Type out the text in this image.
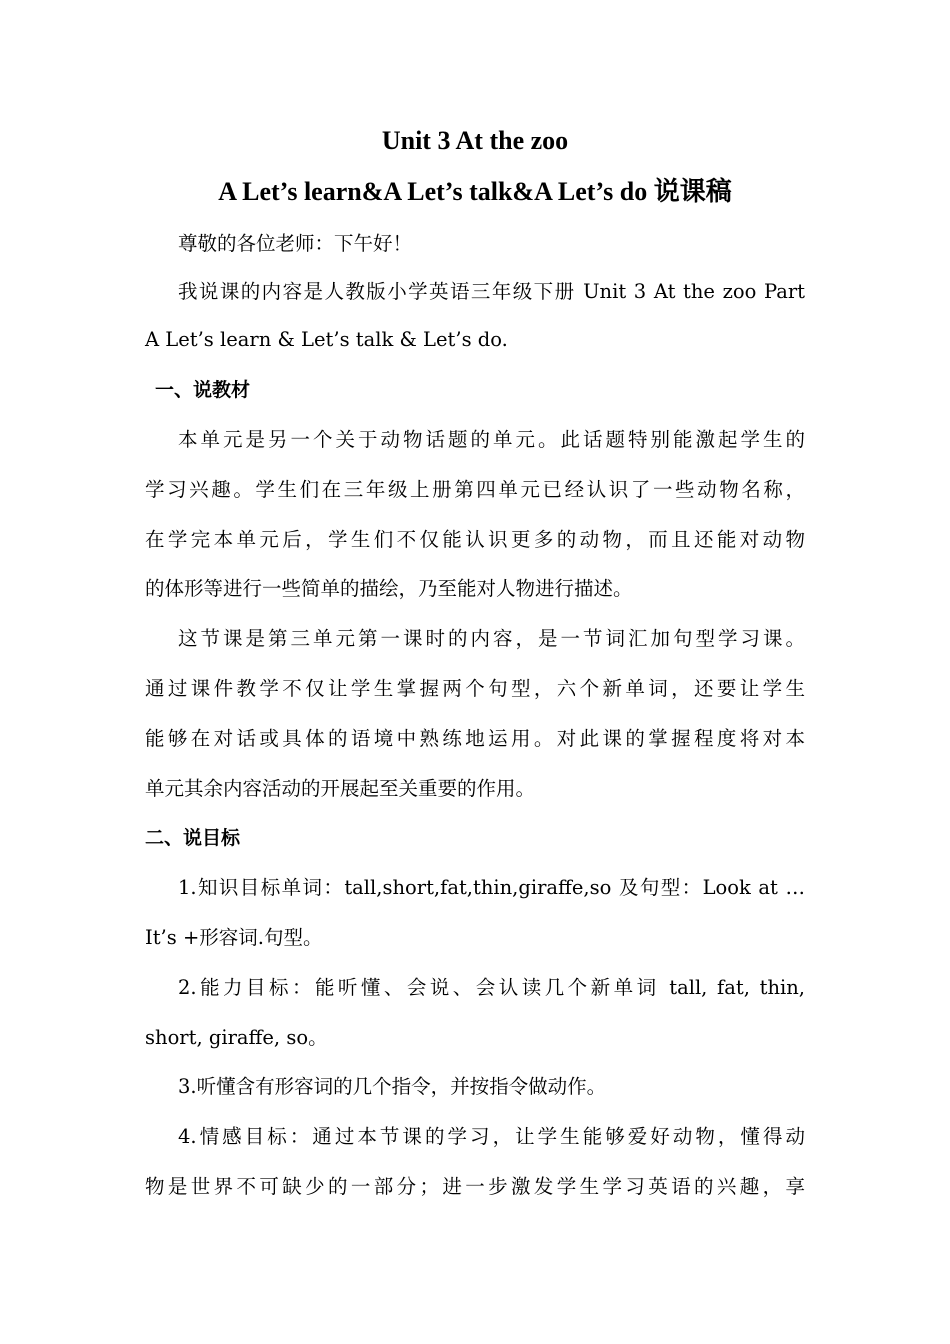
Unit 3 At the zoo
A Let’s learn&A Let’s talk&A Let’s do 说课稿

尊敬的各位老师：下午好！

我说课的内容是人教版小学英语三年级下册 Unit 3 At the zoo Part

A Let’s learn & Let’s talk & Let’s do.

一、说教材

本单元是另一个关于动物话题的单元。此话题特别能激起学生的

学习兴趣。学生们在三年级上册第四单元已经认识了一些动物名称，

在学完本单元后，学生们不仅能认识更多的动物，而且还能对动物

的体形等进行一些简单的描绘，乃至能对人物进行描述。

这节课是第三单元第一课时的内容，是一节词汇加句型学习课。

通过课件教学不仅让学生掌握两个句型，六个新单词，还要让学生

能够在对话或具体的语境中熟练地运用。对此课的掌握程度将对本

单元其余内容活动的开展起至关重要的作用。

二、说目标

1.知识目标单词：tall,short,fat,thin,giraffe,so 及句型：Look at …

It’s +形容词.句型。

2.能力目标：能听懂、会说、会认读几个新单词 tall, fat, thin,

short, giraffe, so。

3.听懂含有形容词的几个指令，并按指令做动作。

4.情感目标：通过本节课的学习，让学生能够爱好动物，懂得动

物是世界不可缺少的一部分；进一步激发学生学习英语的兴趣，享
